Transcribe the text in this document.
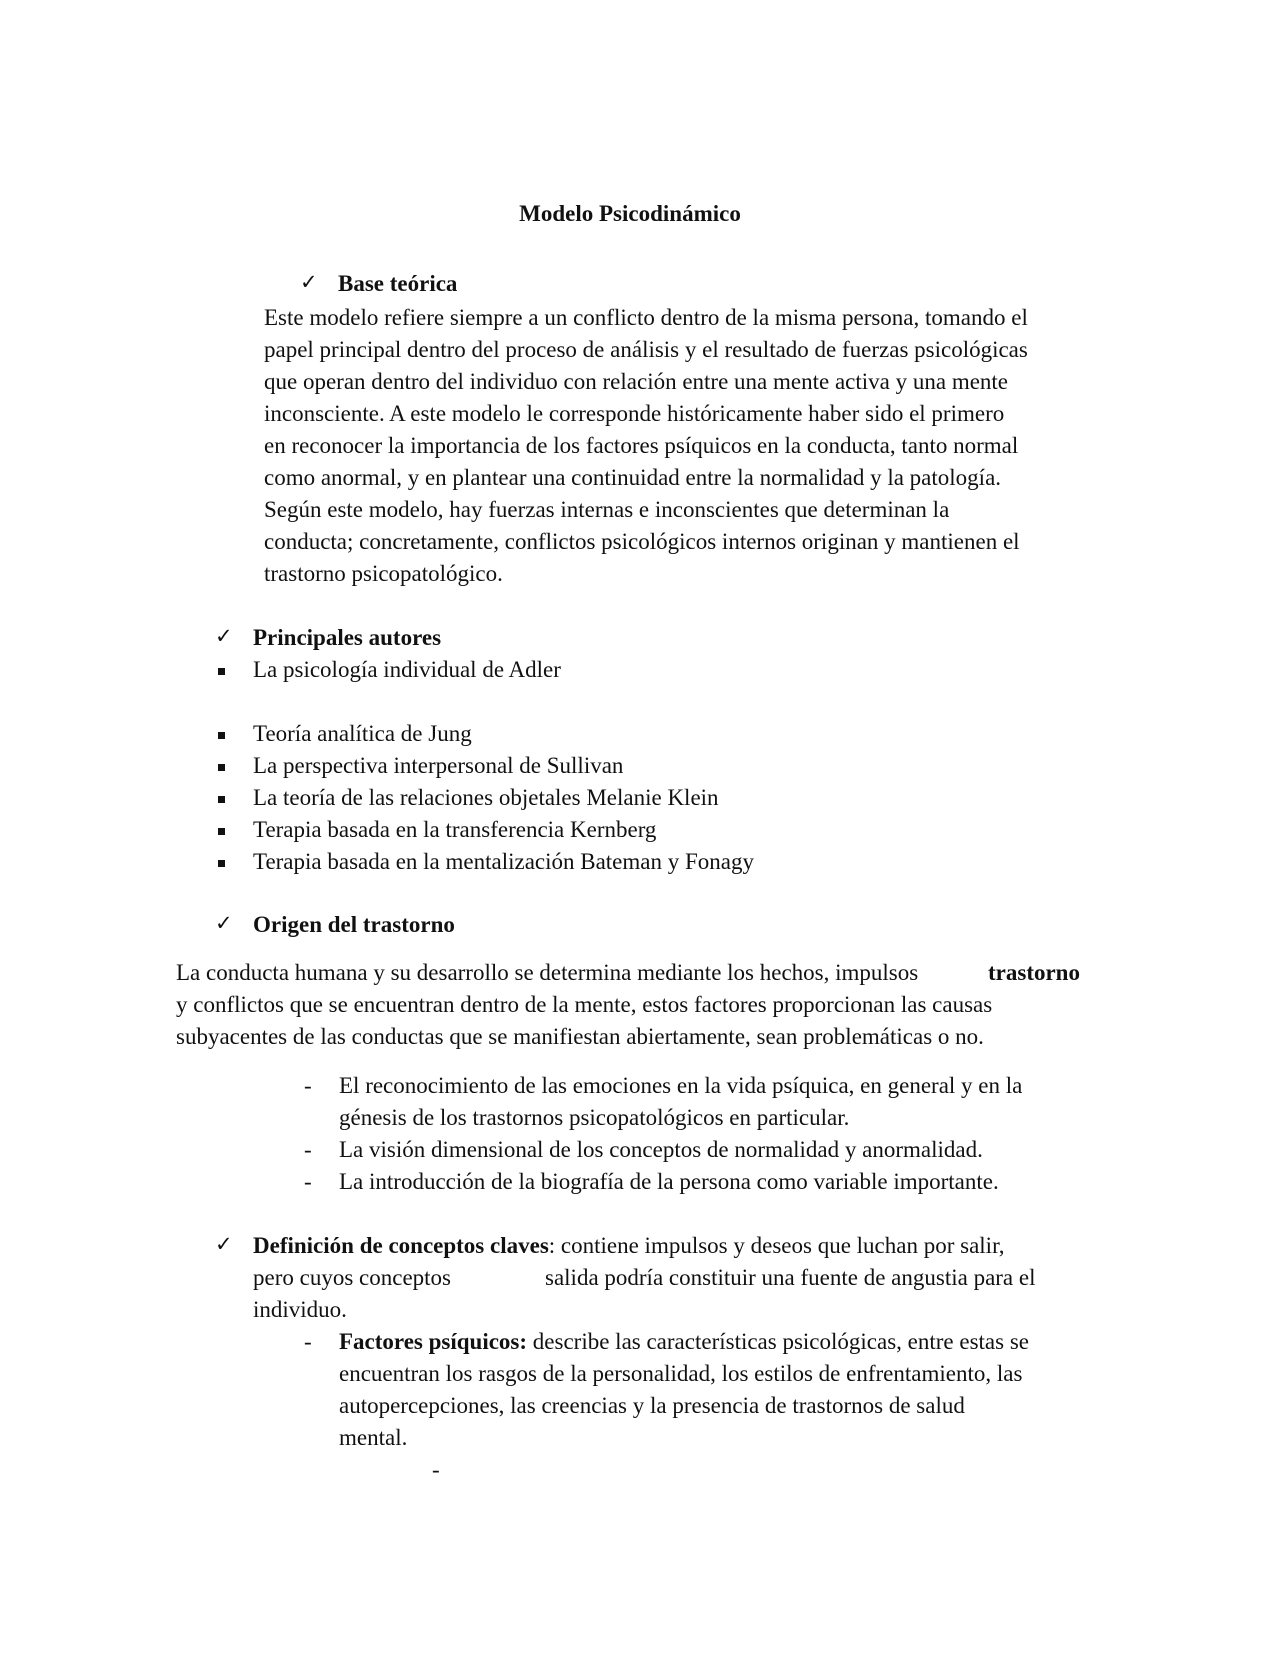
Modelo Psicodinámico
✓ Base teórica
Este modelo refiere siempre a un conflicto dentro de la misma persona, tomando el
papel principal dentro del proceso de análisis y el resultado de fuerzas psicológicas
que operan dentro del individuo con relación entre una mente activa y una mente
inconsciente. A este modelo le corresponde históricamente haber sido el primero
en reconocer la importancia de los factores psíquicos en la conducta, tanto normal
como anormal, y en plantear una continuidad entre la normalidad y la patología.
Según este modelo, hay fuerzas internas e inconscientes que determinan la
conducta; concretamente, conflictos psicológicos internos originan y mantienen el
trastorno psicopatológico.
✓ Principales autores
La psicología individual de Adler
Teoría analítica de Jung
La perspectiva interpersonal de Sullivan
La teoría de las relaciones objetales Melanie Klein
Terapia basada en la transferencia Kernberg
Terapia basada en la mentalización Bateman y Fonagy
✓ Origen del trastorno
La conducta humana y su desarrollo se determina mediante los hechos, impulsos	trastorno
y conflictos que se encuentran dentro de la mente, estos factores proporcionan las causas
subyacentes de las conductas que se manifiestan abiertamente, sean problemáticas o no.
- El reconocimiento de las emociones en la vida psíquica, en general y en la
génesis de los trastornos psicopatológicos en particular.
- La visión dimensional de los conceptos de normalidad y anormalidad.
- La introducción de la biografía de la persona como variable importante.
✓ Definición de conceptos claves: contiene impulsos y deseos que luchan por salir,
pero cuyos conceptos	salida podría constituir una fuente de angustia para el
individuo.
- Factores psíquicos: describe las características psicológicas, entre estas se
encuentran los rasgos de la personalidad, los estilos de enfrentamiento, las
autopercepciones, las creencias y la presencia de trastornos de salud
mental.
-
